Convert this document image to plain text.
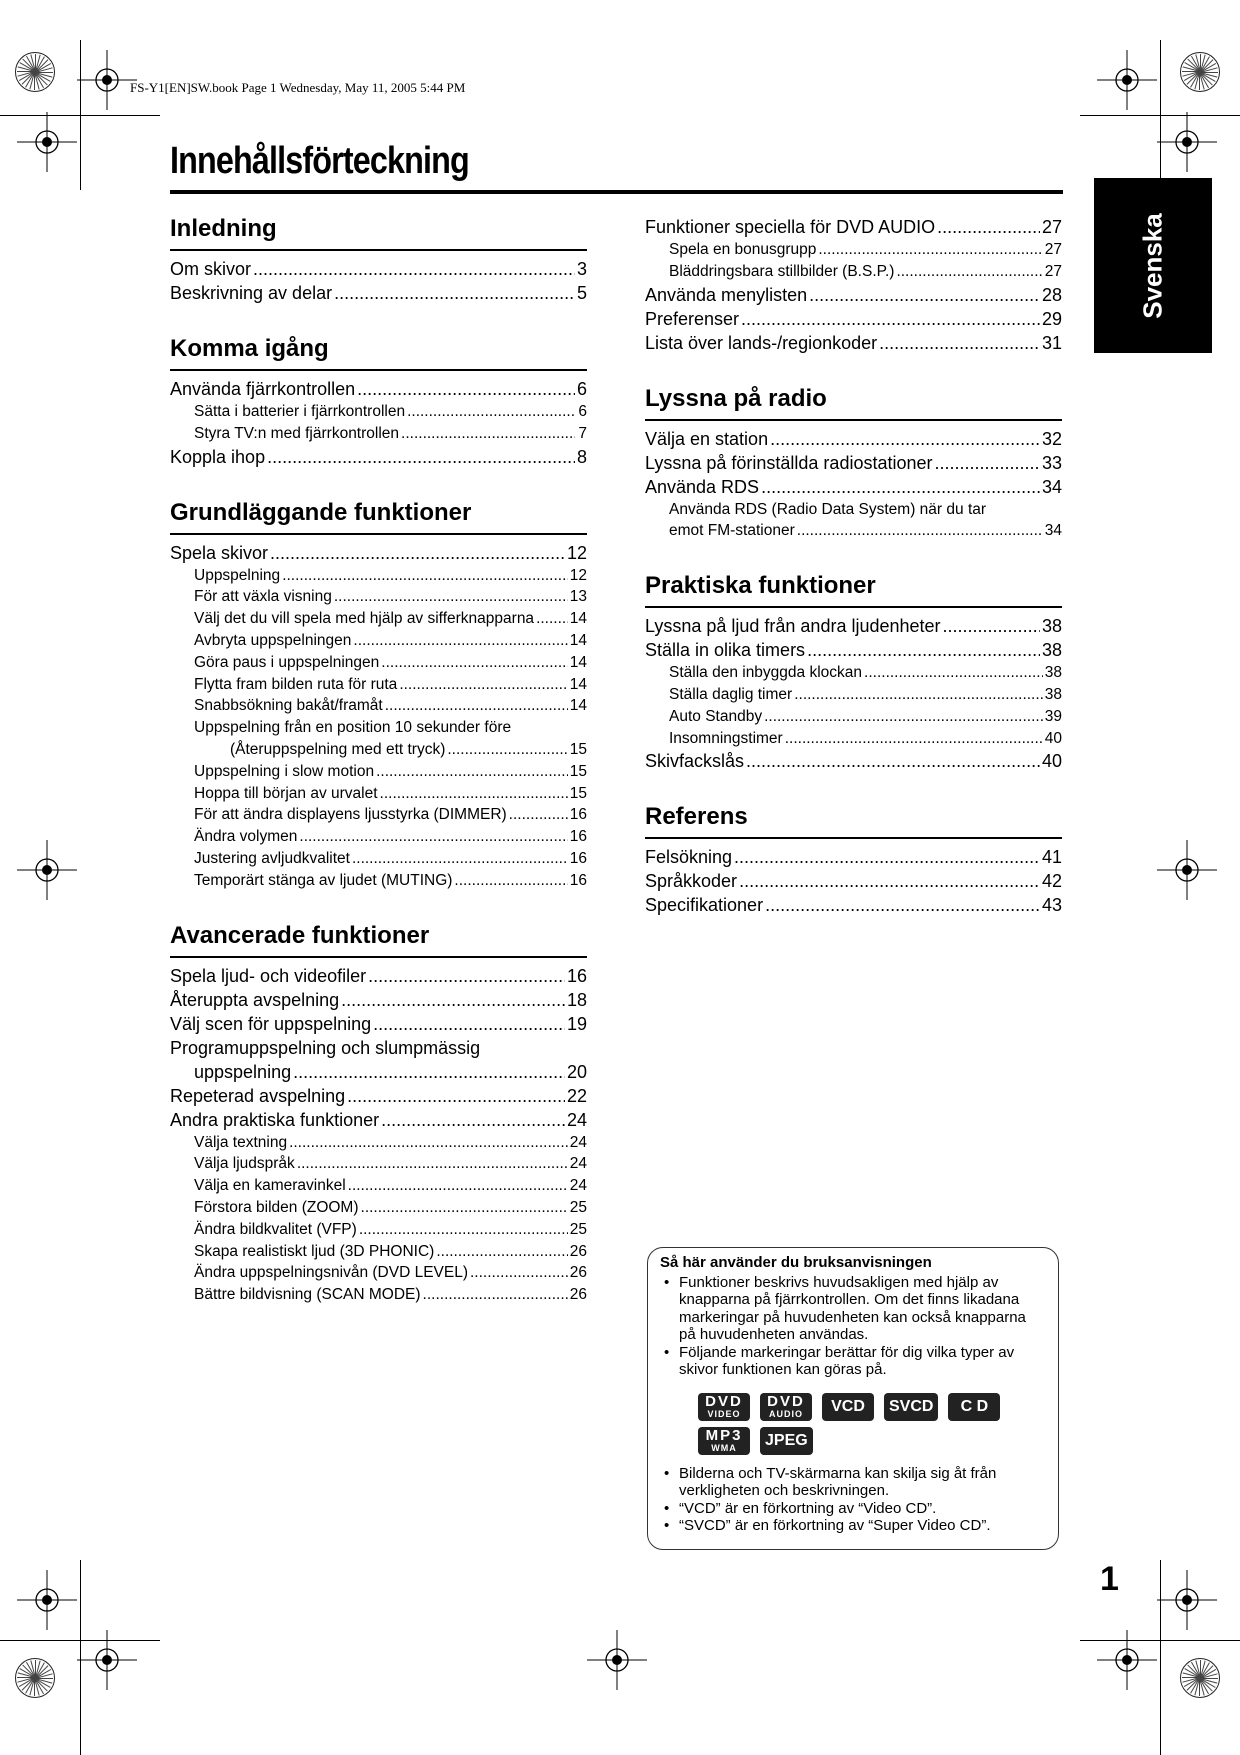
FS-Y1[EN]SW.book Page 1 Wednesday, May 11, 2005 5:44 PM
Innehållsförteckning
Svenska
Inledning
Om skivor .....	3
Beskrivning av delar .....	5
Komma igång
Använda fjärrkontrollen .....	6
Sätta i batterier i fjärrkontrollen .....	6
Styra TV:n med fjärrkontrollen .....	7
Koppla ihop .....	8
Grundläggande funktioner
Spela skivor .....	12
Uppspelning .....	12
För att växla visning .....	13
Välj det du vill spela med hjälp av sifferknapparna ..... 14
Avbryta uppspelningen .....	14
Göra paus i uppspelningen .....	14
Flytta fram bilden ruta för ruta .....	14
Snabbsökning bakåt/framåt .....	14
Uppspelning från en position 10 sekunder före
(Återuppspelning med ett tryck) .....	15
Uppspelning i slow motion .....	15
Hoppa till början av urvalet .....	15
För att ändra displayens ljusstyrka (DIMMER) .....	16
Ändra volymen .....	16
Justering avljudkvalitet .....	16
Temporärt stänga av ljudet (MUTING) .....	16
Avancerade funktioner
Spela ljud- och videofiler .....	16
Återuppta avspelning .....	18
Välj scen för uppspelning .....	19
Programuppspelning och slumpmässig
uppspelning .....	20
Repeterad avspelning .....	22
Andra praktiska funktioner .....	24
Välja textning .....	24
Välja ljudspråk .....	24
Välja en kameravinkel .....	24
Förstora bilden (ZOOM) .....	25
Ändra bildkvalitet (VFP) .....	25
Skapa realistiskt ljud (3D PHONIC) .....	26
Ändra uppspelningsnivån (DVD LEVEL) .....	26
Bättre bildvisning (SCAN MODE) .....	26
Funktioner speciella för DVD AUDIO .....	27
Spela en bonusgrupp .....	27
Bläddringsbara stillbilder (B.S.P.) .....	27
Använda menylisten .....	28
Preferenser .....	29
Lista över lands-/regionkoder .....	31
Lyssna på radio
Välja en station .....	32
Lyssna på förinställda radiostationer .....	33
Använda RDS .....	34
Använda RDS (Radio Data System) när du tar
emot FM-stationer .....	34
Praktiska funktioner
Lyssna på ljud från andra ljudenheter .....	38
Ställa in olika timers .....	38
Ställa den inbyggda klockan .....	38
Ställa daglig timer .....	38
Auto Standby .....	39
Insomningstimer .....	40
Skivfackslås .....	40
Referens
Felsökning .....	41
Språkkoder .....	42
Specifikationer .....	43
Så här använder du bruksanvisningen
• Funktioner beskrivs huvudsakligen med hjälp av knapparna på fjärrkontrollen. Om det finns likadana markeringar på huvudenheten kan också knapparna på huvudenheten användas.
• Följande markeringar berättar för dig vilka typer av skivor funktionen kan göras på.
DVD
VIDEO
DVD
AUDIO VCD SVCD C D
MP3
WMA JPEG
• Bilderna och TV-skärmarna kan skilja sig åt från verkligheten och beskrivningen.
• “VCD” är en förkortning av “Video CD”.
• “SVCD” är en förkortning av “Super Video CD”.
1
